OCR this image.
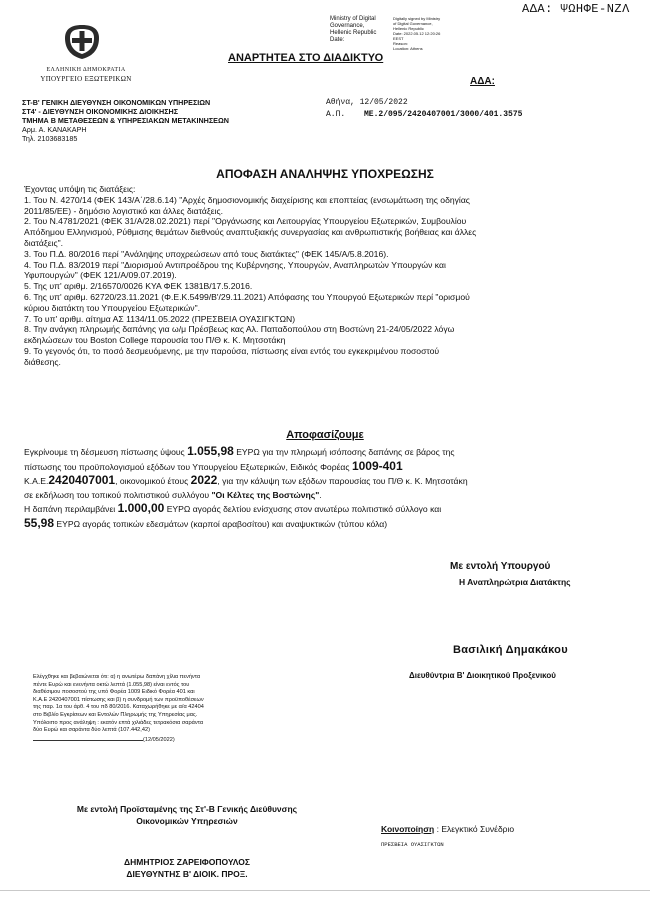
ΑΔΑ: ΨΩΗΦΕ-ΝΖΛ
ΕΛΛΗΝΙΚΗ ΔΗΜΟΚΡΑΤΙΑ
ΥΠΟΥΡΓΕΙΟ ΕΞΩΤΕΡΙΚΩΝ
Ministry of Digital
Governance,
Hellenic Republic
Date:
Digitally signed by Ministry
of Digital Governance,
Hellenic Republic
Date: 2022.05.12 12:20:26
EEST
Reason:
Location: Athens
ΑΝΑΡΤΗΤΕΑ ΣΤΟ ΔΙΑΔΙΚΤΥΟ
ΑΔΑ:
ΣΤ-Β' ΓΕΝΙΚΗ ΔΙΕΥΘΥΝΣΗ ΟΙΚΟΝΟΜΙΚΩΝ ΥΠΗΡΕΣΙΩΝ
ΣΤ4' - ΔΙΕΥΘΥΝΣΗ ΟΙΚΟΝΟΜΙΚΗΣ ΔΙΟΙΚΗΣΗΣ
ΤΜΗΜΑ Β ΜΕΤΑΘΕΣΕΩΝ & ΥΠΗΡΕΣΙΑΚΩΝ ΜΕΤΑΚΙΝΗΣΕΩΝ
Αρμ. Α. ΚΑΝΑΚΑΡΗ
Τηλ. 2103683185
Αθήνα, 12/05/2022
Α.Π. ΜΕ.2/095/2420407001/3000/401.3575
ΑΠΟΦΑΣΗ ΑΝΑΛΗΨΗΣ ΥΠΟΧΡΕΩΣΗΣ
Έχοντας υπόψη τις διατάξεις:
1. Του Ν. 4270/14 (ΦΕΚ 143/Α΄/28.6.14) "Αρχές δημοσιονομικής διαχείρισης και εποπτείας (ενσωμάτωση της οδηγίας
2011/85/ΕΕ) - δημόσιο λογιστικό και άλλες διατάξεις.
2. Του Ν.4781/2021 (ΦΕΚ 31/Α/28.02.2021) περί "Οργάνωσης και Λειτουργίας Υπουργείου Εξωτερικών, Συμβουλίου
Απόδημου Ελληνισμού, Ρύθμισης θεμάτων διεθνούς αναπτυξιακής συνεργασίας και ανθρωπιστικής βοήθειας και άλλες
διατάξεις".
3. Του Π.Δ. 80/2016 περί "Ανάληψης υποχρεώσεων από τους διατάκτες" (ΦΕΚ 145/Α/5.8.2016).
4. Του Π.Δ. 83/2019 περί "Διορισμού Αντιπροέδρου της Κυβέρνησης, Υπουργών, Αναπληρωτών Υπουργών και
Υφυπουργών" (ΦΕΚ 121/Α/09.07.2019).
5. Της υπ' αριθμ. 2/16570/0026 ΚΥΑ ΦΕΚ 1381Β/17.5.2016.
6. Της υπ' αριθμ. 62720/23.11.2021 (Φ.Ε.Κ.5499/Β'/29.11.2021) Απόφασης του Υπουργού Εξωτερικών περί "ορισμού
κύριου διατάκτη του Υπουργείου Εξωτερικών".
7. Το υπ' αριθμ. αίτημα ΑΣ 1134/11.05.2022 (ΠΡΕΣΒΕΙΑ ΟΥΑΣΙΓΚΤΩΝ)
8. Την ανάγκη πληρωμής δαπάνης για ω/μ Πρέσβεως κας Αλ. Παπαδοπούλου στη Βοστώνη 21-24/05/2022 λόγω
εκδηλώσεων του Boston College παρουσία του Π/Θ κ. Κ. Μητσοτάκη
9. Το γεγονός ότι, το ποσό δεσμευόμενης, με την παρούσα, πίστωσης είναι εντός του εγκεκριμένου ποσοστού
διάθεσης.
Αποφασίζουμε
Εγκρίνουμε τη δέσμευση πίστωσης ύψους 1.055,98 ΕΥΡΩ για την πληρωμή ισόποσης δαπάνης σε βάρος της
πίστωσης του προϋπολογισμού εξόδων του Υπουργείου Εξωτερικών, Ειδικός Φορέας 1009-401
Κ.Α.Ε.2420407001, οικονομικού έτους 2022, για την κάλυψη των εξόδων παρουσίας του Π/Θ κ. Κ. Μητσοτάκη
σε εκδήλωση του τοπικού πολιτιστικού συλλόγου "Οι Κέλτες της Βοστώνης".
Η δαπάνη περιλαμβάνει 1.000,00 ΕΥΡΩ αγοράς δελτίου ενίσχυσης στον ανωτέρω πολιτιστικό σύλλογο και
55,98 ΕΥΡΩ αγοράς τοπικών εδεσμάτων (καρποί αραβοσίτου) και αναψυκτικών (τύπου κόλα)
Με εντολή Υπουργού
Η Αναπληρώτρια Διατάκτης
Βασιλική Δημακάκου
Διευθύντρια Β' Διοικητικού Προξενικού
Ελέγχθηκε και βεβαιώνεται ότι: α) η ανωτέρω δαπάνη χίλια πενήντα
πέντε Ευρώ και ενενήντα οκτώ λεπτά (1.055,98) είναι εντός του
διαθέσιμου ποσοστού της υπό Φορέα 1009 Ειδικό Φορέα 401 και
Κ.Α.Ε 2420407001 πίστωσης και β) η συνδρομή των προϋποθέσεων
της παρ. 1α του άρθ. 4 του πδ 80/2016. Καταχωρήθηκε με α/α 42404
στο Βιβλίο Εγκρίσεων και Εντολών Πληρωμής της Υπηρεσίας μας.
Υπόλοιπο προς ανάληψη : εκατόν επτά χιλιάδες τετρακόσια σαράντα
δύο Ευρώ και σαράντα δύο λεπτά (107.442,42)
(12/05/2022)
Με εντολή Προϊσταμένης της Στ'-Β Γενικής Διεύθυνσης
Οικονομικών Υπηρεσιών
ΔΗΜΗΤΡΙΟΣ ΖΑΡΕΙΦΟΠΟΥΛΟΣ
ΔΙΕΥΘΥΝΤΗΣ Β' ΔΙΟΙΚ. ΠΡΟΞ.
Κοινοποίηση : Ελεγκτικό Συνέδριο
ΠΡΕΣΒΕΙΑ ΟΥΑΣΙΓΚΤΩΝ
